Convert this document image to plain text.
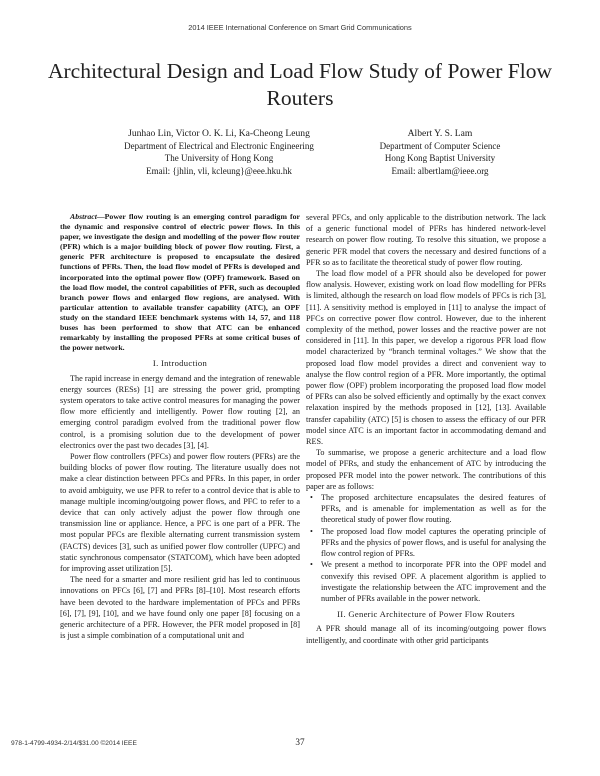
2014 IEEE International Conference on Smart Grid Communications
Architectural Design and Load Flow Study of Power Flow Routers
Junhao Lin, Victor O. K. Li, Ka-Cheong Leung
Department of Electrical and Electronic Engineering
The University of Hong Kong
Email: {jhlin, vli, kcleung}@eee.hku.hk
Albert Y. S. Lam
Department of Computer Science
Hong Kong Baptist University
Email: albertlam@ieee.org

Abstract—Power flow routing is an emerging control paradigm for the dynamic and responsive control of electric power flows. In this paper, we investigate the design and modelling of the power flow router (PFR) which is a major building block of power flow routing. First, a generic PFR architecture is proposed to encapsulate the desired functions of PFRs. Then, the load flow model of PFRs is developed and incorporated into the optimal power flow (OPF) framework. Based on the load flow model, the control capabilities of PFR, such as decoupled branch power flows and enlarged flow regions, are analysed. With particular attention to available transfer capability (ATC), an OPF study on the standard IEEE benchmark systems with 14, 57, and 118 buses has been performed to show that ATC can be enhanced remarkably by installing the proposed PFRs at some critical buses of the power network.

I. Introduction

The rapid increase in energy demand and the integration of renewable energy sources (RESs) [1] are stressing the power grid, prompting system operators to take active control measures for managing the power flow more efficiently and intelligently. Power flow routing [2], an emerging control paradigm evolved from the traditional power flow control, is a promising solution due to the development of power electronics over the past two decades [3], [4].

Power flow controllers (PFCs) and power flow routers (PFRs) are the building blocks of power flow routing. The literature usually does not make a clear distinction between PFCs and PFRs. In this paper, in order to avoid ambiguity, we use PFR to refer to a control device that is able to manage multiple incoming/outgoing power flows, and PFC to refer to a device that can only actively adjust the power flow through one transmission line or appliance. Hence, a PFC is one part of a PFR. The most popular PFCs are flexible alternating current transmission system (FACTS) devices [3], such as unified power flow controller (UPFC) and static synchronous compensator (STATCOM), which have been adopted for improving asset utilization [5].

The need for a smarter and more resilient grid has led to continuous innovations on PFCs [6], [7] and PFRs [8]–[10]. Most research efforts have been devoted to the hardware implementation of PFCs and PFRs [6], [7], [9], [10], and we have found only one paper [8] focusing on a generic architecture of a PFR. However, the PFR model proposed in [8] is just a simple combination of a computational unit and

several PFCs, and only applicable to the distribution network. The lack of a generic functional model of PFRs has hindered network-level research on power flow routing. To resolve this situation, we propose a generic PFR model that covers the necessary and desired functions of a PFR so as to facilitate the theoretical study of power flow routing.

The load flow model of a PFR should also be developed for power flow analysis. However, existing work on load flow modelling for PFRs is limited, although the research on load flow models of PFCs is rich [3], [11]. A sensitivity method is employed in [11] to analyse the impact of PFCs on corrective power flow control. However, due to the inherent complexity of the method, power losses and the reactive power are not considered in [11]. In this paper, we develop a rigorous PFR load flow model characterized by “branch terminal voltages.” We show that the proposed load flow model provides a direct and convenient way to analyse the flow control region of a PFR. More importantly, the optimal power flow (OPF) problem incorporating the proposed load flow model of PFRs can also be solved efficiently and optimally by the exact convex relaxation inspired by the methods proposed in [12], [13]. Available transfer capability (ATC) [5] is chosen to assess the efficacy of our PFR model since ATC is an important factor in accommodating demand and RES.

To summarise, we propose a generic architecture and a load flow model of PFRs, and study the enhancement of ATC by introducing the proposed PFR model into the power network. The contributions of this paper are as follows:

• The proposed architecture encapsulates the desired features of PFRs, and is amenable for implementation as well as for the theoretical study of power flow routing.
• The proposed load flow model captures the operating principle of PFRs and the physics of power flows, and is useful for analysing the flow control region of PFRs.
• We present a method to incorporate PFR into the OPF model and convexify this revised OPF. A placement algorithm is applied to investigate the relationship between the ATC improvement and the number of PFRs available in the power network.
II. Generic Architecture of Power Flow Routers

A PFR should manage all of its incoming/outgoing power flows intelligently, and coordinate with other grid participants

978-1-4799-4934-2/14/$31.00 ©2014 IEEE	37
